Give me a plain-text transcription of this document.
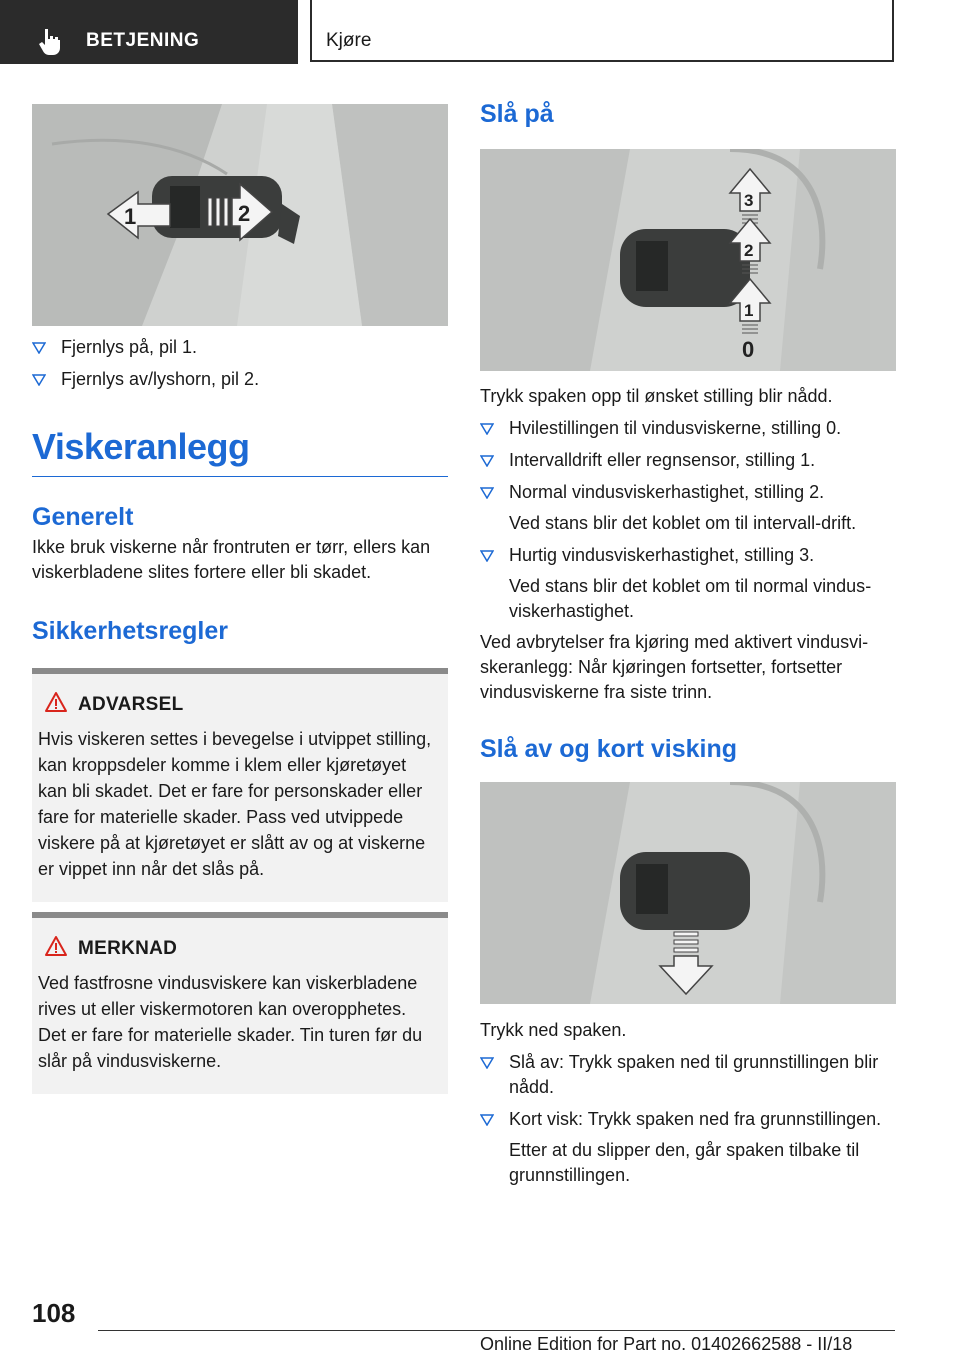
BETJENING	Kjøre
1	2
Fjernlys på, pil 1.
Fjernlys av/lyshorn, pil 2.
Viskeranlegg
Generelt

Ikke bruk viskerne når frontruten er tørr, ellers kan viskerbladene slites fortere eller bli skadet.

Sikkerhetsregler
ADVARSEL
Hvis viskeren settes i bevegelse i utvippet stilling, kan kroppsdeler komme i klem eller kjøretøyet kan bli skadet. Det er fare for personskader eller fare for materielle skader. Pass ved utvippede viskere på at kjøretøyet er slått av og at viskerne er vippet inn når det slås på.
MERKNAD
Ved fastfrosne vindusviskere kan viskerbladene rives ut eller viskermotoren kan overopphetes. Det er fare for materielle skader. Tin turen før du slår på vindusviskerne.
Slå på
3
2
1
0

Trykk spaken opp til ønsket stilling blir nådd.

Hvilestillingen til vindusviskerne, stilling 0.
Intervalldrift eller regnsensor, stilling 1.
Normal vindusviskerhastighet, stilling 2.
Ved stans blir det koblet om til intervall-drift.
Hurtig vindusviskerhastighet, stilling 3.
Ved stans blir det koblet om til normal vindusviskerhastighet.

Ved avbrytelser fra kjøring med aktivert vindusviskeranlegg: Når kjøringen fortsetter, fortsetter vindusviskerne fra siste trinn.

Slå av og kort visking

Trykk ned spaken.

Slå av: Trykk spaken ned til grunnstillingen blir nådd.
Kort visk: Trykk spaken ned fra grunnstillingen.
Etter at du slipper den, går spaken tilbake til grunnstillingen.
108
Online Edition for Part no. 01402662588 - II/18
